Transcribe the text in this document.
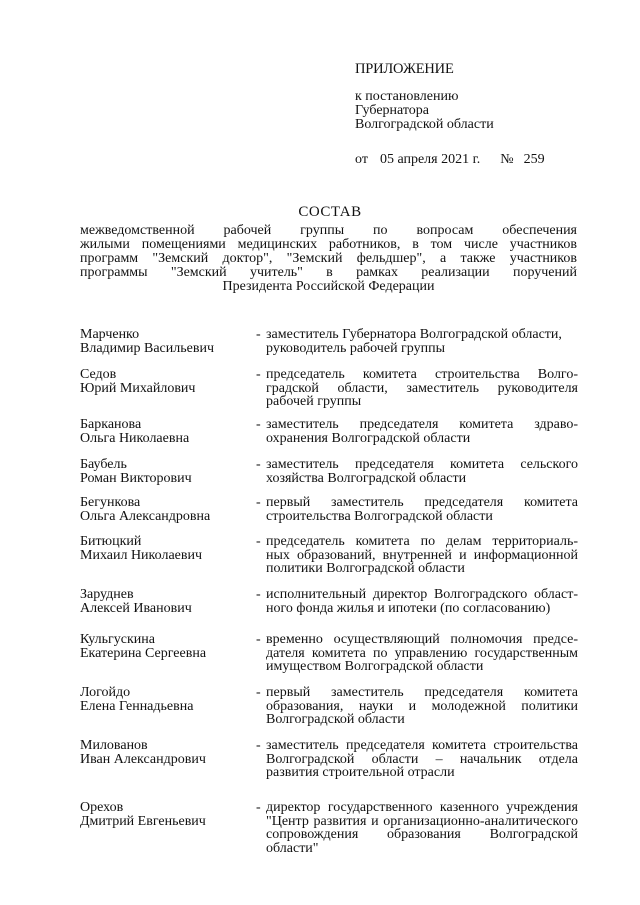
ПРИЛОЖЕНИЕ
к постановлению
Губернатора
Волгоградской области
от 05 апреля 2021 г. № 259
СОСТАВ
межведомственной рабочей группы по вопросам обеспечения
жилыми помещениями медицинских работников, в том числе участников
программ "Земский доктор", "Земский фельдшер", а также участников
программы "Земский учитель" в рамках реализации поручений
Президента Российской Федерации
Марченко
Владимир Васильевич
- заместитель Губернатора Волгоградской области,
руководитель рабочей группы
Седов
Юрий Михайлович
- председатель комитета строительства Волго-
градской области, заместитель руководителя
рабочей группы
Барканова
Ольга Николаевна
- заместитель председателя комитета здраво-
охранения Волгоградской области
Баубель
Роман Викторович
- заместитель председателя комитета сельского
хозяйства Волгоградской области
Бегункова
Ольга Александровна
- первый заместитель председателя комитета
строительства Волгоградской области
Битюцкий
Михаил Николаевич
- председатель комитета по делам территориаль-
ных образований, внутренней и информационной
политики Волгоградской области
Заруднев
Алексей Иванович
- исполнительный директор Волгоградского област-
ного фонда жилья и ипотеки (по согласованию)
Кульгускина
Екатерина Сергеевна
- временно осуществляющий полномочия предсе-
дателя комитета по управлению государственным
имуществом Волгоградской области
Логойдо
Елена Геннадьевна
- первый заместитель председателя комитета
образования, науки и молодежной политики
Волгоградской области
Милованов
Иван Александрович
- заместитель председателя комитета строительства
Волгоградской области – начальник отдела
развития строительной отрасли
Орехов
Дмитрий Евгеньевич
- директор государственного казенного учреждения
"Центр развития и организационно-аналитического
сопровождения образования Волгоградской
области"
